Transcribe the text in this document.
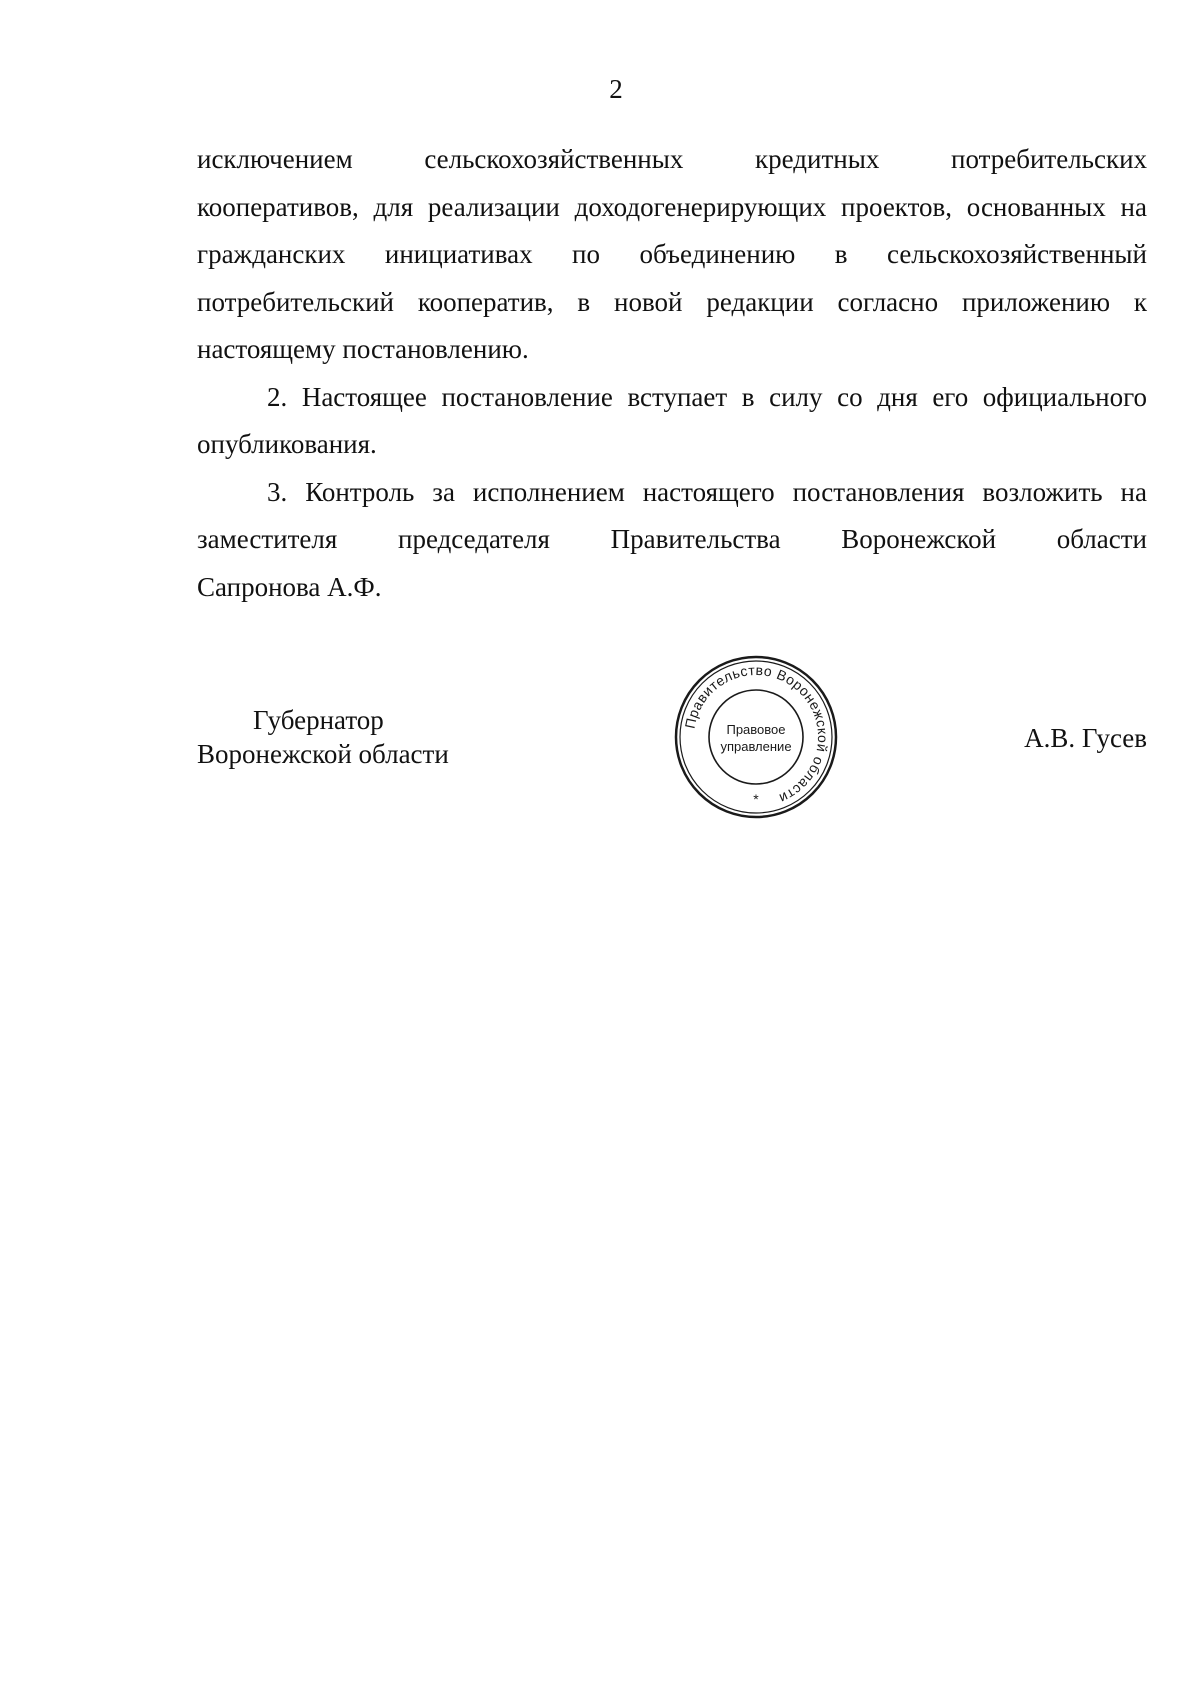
2

исключением	сельскохозяйственных	кредитных	потребительских
кооперативов, для реализации доходогенерирующих проектов, основанных на
гражданских инициативах по объединению в сельскохозяйственный
потребительский кооператив, в новой редакции согласно приложению к
настоящему постановлению.

2. Настоящее постановление вступает в силу со дня его официального
опубликования.

3. Контроль за исполнением настоящего постановления возложить на
заместителя председателя Правительства Воронежской области
Сапронова А.Ф.

Губернатор
Воронежской области
Правительство Воронежской области
Правовое
управление
*
А.В. Гусев
